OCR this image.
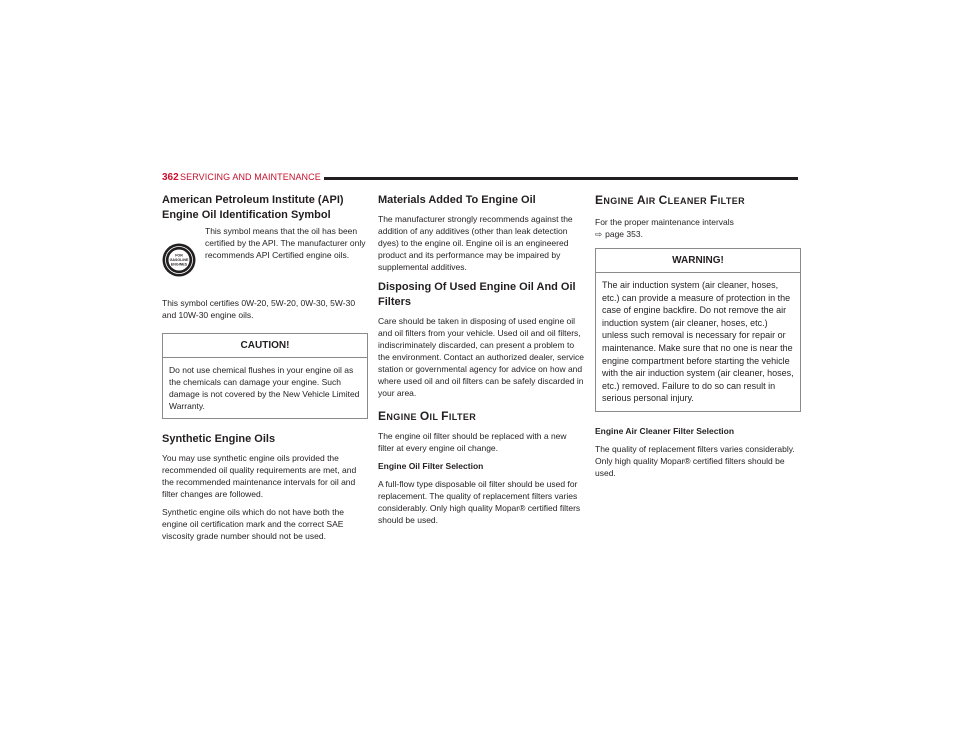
362 SERVICING AND MAINTENANCE
American Petroleum Institute (API) Engine Oil Identification Symbol
FOR
GASOLINE
ENGINES

This symbol means that the oil has been certified by the API. The manufacturer only recommends API Certified engine oils.

This symbol certifies 0W-20, 5W-20, 0W-30, 5W-30 and 10W-30 engine oils.

CAUTION!

Do not use chemical flushes in your engine oil as the chemicals can damage your engine. Such damage is not covered by the New Vehicle Limited Warranty.

Synthetic Engine Oils

You may use synthetic engine oils provided the recommended oil quality requirements are met, and the recommended maintenance intervals for oil and filter changes are followed.

Synthetic engine oils which do not have both the engine oil certification mark and the correct SAE viscosity grade number should not be used.

Materials Added To Engine Oil

The manufacturer strongly recommends against the addition of any additives (other than leak detection dyes) to the engine oil. Engine oil is an engineered product and its performance may be impaired by supplemental additives.

Disposing Of Used Engine Oil And Oil Filters

Care should be taken in disposing of used engine oil and oil filters from your vehicle. Used oil and oil filters, indiscriminately discarded, can present a problem to the environment. Contact an authorized dealer, service station or governmental agency for advice on how and where used oil and oil filters can be safely discarded in your area.

ENGINE OIL FILTER

The engine oil filter should be replaced with a new filter at every engine oil change.

Engine Oil Filter Selection

A full-flow type disposable oil filter should be used for replacement. The quality of replacement filters varies considerably. Only high quality Mopar® certified filters should be used.

ENGINE AIR CLEANER FILTER

For the proper maintenance intervals

⇨ page 353.

WARNING!

The air induction system (air cleaner, hoses, etc.) can provide a measure of protection in the case of engine backfire. Do not remove the air induction system (air cleaner, hoses, etc.) unless such removal is necessary for repair or maintenance. Make sure that no one is near the engine compartment before starting the vehicle with the air induction system (air cleaner, hoses, etc.) removed. Failure to do so can result in serious personal injury.

Engine Air Cleaner Filter Selection

The quality of replacement filters varies considerably. Only high quality Mopar® certified filters should be used.
